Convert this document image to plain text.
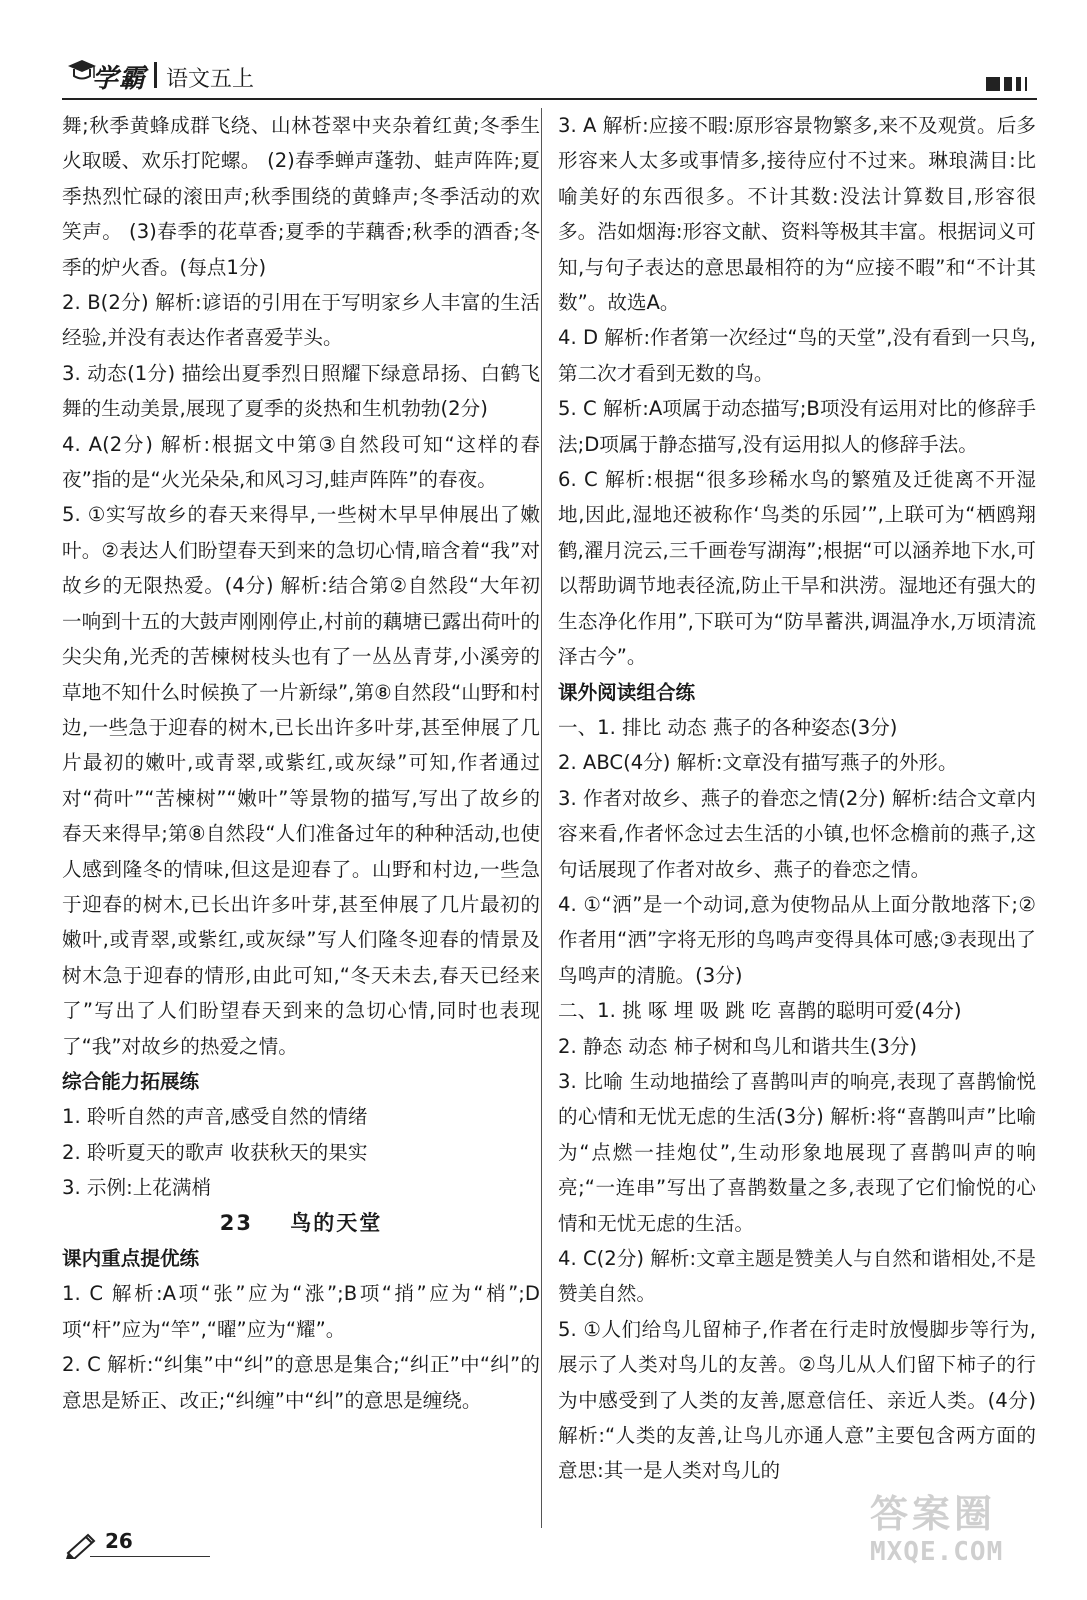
学霸 语文五上

舞;秋季黄蜂成群飞绕、山林苍翠中夹杂着红黄;冬季生火取暖、欢乐打陀螺。 (2)春季蝉声蓬勃、蛙声阵阵;夏季热烈忙碌的滚田声;秋季围绕的黄蜂声;冬季活动的欢笑声。 (3)春季的花草香;夏季的芋藕香;秋季的酒香;冬季的炉火香。(每点1分)

2. B(2分) 解析:谚语的引用在于写明家乡人丰富的生活经验,并没有表达作者喜爱芋头。

3. 动态(1分) 描绘出夏季烈日照耀下绿意昂扬、白鹤飞舞的生动美景,展现了夏季的炎热和生机勃勃(2分)

4. A(2分) 解析:根据文中第③自然段可知“这样的春夜”指的是“火光朵朵,和风习习,蛙声阵阵”的春夜。

5. ①实写故乡的春天来得早,一些树木早早伸展出了嫩叶。②表达人们盼望春天到来的急切心情,暗含着“我”对故乡的无限热爱。(4分) 解析:结合第②自然段“大年初一响到十五的大鼓声刚刚停止,村前的藕塘已露出荷叶的尖尖角,光秃的苦楝树枝头也有了一丛丛青芽,小溪旁的草地不知什么时候换了一片新绿”,第⑧自然段“山野和村边,一些急于迎春的树木,已长出许多叶芽,甚至伸展了几片最初的嫩叶,或青翠,或紫红,或灰绿”可知,作者通过对“荷叶”“苦楝树”“嫩叶”等景物的描写,写出了故乡的春天来得早;第⑧自然段“人们准备过年的种种活动,也使人感到隆冬的情味,但这是迎春了。山野和村边,一些急于迎春的树木,已长出许多叶芽,甚至伸展了几片最初的嫩叶,或青翠,或紫红,或灰绿”写人们隆冬迎春的情景及树木急于迎春的情形,由此可知,“冬天未去,春天已经来了”写出了人们盼望春天到来的急切心情,同时也表现了“我”对故乡的热爱之情。

综合能力拓展练

1. 聆听自然的声音,感受自然的情绪

2. 聆听夏天的歌声 收获秋天的果实

3. 示例:上花满梢

23 鸟的天堂

课内重点提优练

1. C 解析:A项“张”应为“涨”;B项“捎”应为“梢”;D项“杆”应为“竿”,“曜”应为“耀”。

2. C 解析:“纠集”中“纠”的意思是集合;“纠正”中“纠”的意思是矫正、改正;“纠缠”中“纠”的意思是缠绕。

3. A 解析:应接不暇:原形容景物繁多,来不及观赏。后多形容来人太多或事情多,接待应付不过来。琳琅满目:比喻美好的东西很多。不计其数:没法计算数目,形容很多。浩如烟海:形容文献、资料等极其丰富。根据词义可知,与句子表达的意思最相符的为“应接不暇”和“不计其数”。故选A。

4. D 解析:作者第一次经过“鸟的天堂”,没有看到一只鸟,第二次才看到无数的鸟。

5. C 解析:A项属于动态描写;B项没有运用对比的修辞手法;D项属于静态描写,没有运用拟人的修辞手法。

6. C 解析:根据“很多珍稀水鸟的繁殖及迁徙离不开湿地,因此,湿地还被称作‘鸟类的乐园’”,上联可为“栖鸥翔鹤,濯月浣云,三千画卷写湖海”;根据“可以涵养地下水,可以帮助调节地表径流,防止干旱和洪涝。湿地还有强大的生态净化作用”,下联可为“防旱蓄洪,调温净水,万顷清流泽古今”。

课外阅读组合练

一、1. 排比 动态 燕子的各种姿态(3分)

2. ABC(4分) 解析:文章没有描写燕子的外形。

3. 作者对故乡、燕子的眷恋之情(2分) 解析:结合文章内容来看,作者怀念过去生活的小镇,也怀念檐前的燕子,这句话展现了作者对故乡、燕子的眷恋之情。

4. ①“洒”是一个动词,意为使物品从上面分散地落下;②作者用“洒”字将无形的鸟鸣声变得具体可感;③表现出了鸟鸣声的清脆。(3分)

二、1. 挑 啄 埋 吸 跳 吃 喜鹊的聪明可爱(4分)

2. 静态 动态 柿子树和鸟儿和谐共生(3分)

3. 比喻 生动地描绘了喜鹊叫声的响亮,表现了喜鹊愉悦的心情和无忧无虑的生活(3分) 解析:将“喜鹊叫声”比喻为“点燃一挂炮仗”,生动形象地展现了喜鹊叫声的响亮;“一连串”写出了喜鹊数量之多,表现了它们愉悦的心情和无忧无虑的生活。

4. C(2分) 解析:文章主题是赞美人与自然和谐相处,不是赞美自然。

5. ①人们给鸟儿留柿子,作者在行走时放慢脚步等行为,展示了人类对鸟儿的友善。②鸟儿从人们留下柿子的行为中感受到了人类的友善,愿意信任、亲近人类。(4分) 解析:“人类的友善,让鸟儿亦通人意”主要包含两方面的意思:其一是人类对鸟儿的

26
答案圈
MXQE.COM
